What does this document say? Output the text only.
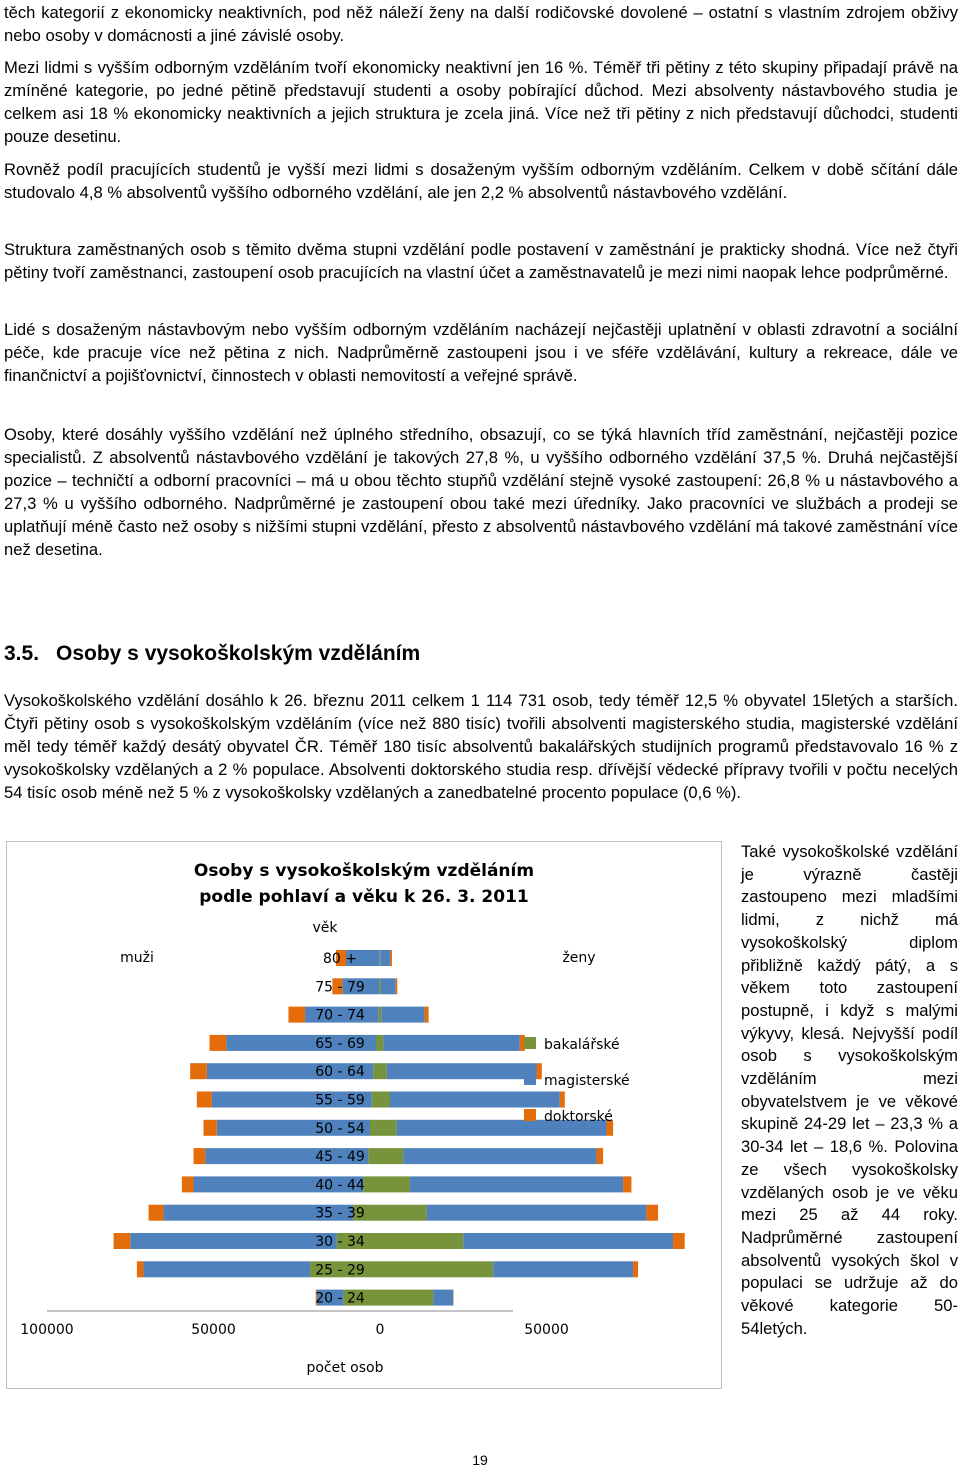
těch kategorií z ekonomicky neaktivních, pod něž náleží ženy na další rodičovské dovolené – ostatní s vlastním zdrojem obživy nebo osoby v domácnosti a jiné závislé osoby.

Mezi lidmi s vyšším odborným vzděláním tvoří ekonomicky neaktivní jen 16 %. Téměř tři pětiny z této skupiny připadají právě na zmíněné kategorie, po jedné pětině představují studenti a osoby pobírající důchod. Mezi absolventy nástavbového studia je celkem asi 18 % ekonomicky neaktivních a jejich struktura je zcela jiná. Více než tři pětiny z nich představují důchodci, studenti pouze desetinu.

Rovněž podíl pracujících studentů je vyšší mezi lidmi s dosaženým vyšším odborným vzděláním. Celkem v době sčítání dále studovalo 4,8 % absolventů vyššího odborného vzdělání, ale jen 2,2 % absolventů nástavbového vzdělání.

Struktura zaměstnaných osob s těmito dvěma stupni vzdělání podle postavení v zaměstnání je prakticky shodná. Více než čtyři pětiny tvoří zaměstnanci, zastoupení osob pracujících na vlastní účet a zaměstnavatelů je mezi nimi naopak lehce podprůměrné.

Lidé s dosaženým nástavbovým nebo vyšším odborným vzděláním nacházejí nejčastěji uplatnění v oblasti zdravotní a sociální péče, kde pracuje více než pětina z nich. Nadprůměrně zastoupeni jsou i ve sféře vzdělávání, kultury a rekreace, dále ve finančnictví a pojišťovnictví, činnostech v oblasti nemovitostí a veřejné správě.

Osoby, které dosáhly vyššího vzdělání než úplného středního, obsazují, co se týká hlavních tříd zaměstnání, nejčastěji pozice specialistů. Z absolventů nástavbového vzdělání je takových 27,8 %, u vyššího odborného vzdělání 37,5 %. Druhá nejčastější pozice – techničtí a odborní pracovníci – má u obou těchto stupňů vzdělání stejně vysoké zastoupení: 26,8 % u nástavbového a 27,3 % u vyššího odborného. Nadprůměrné je zastoupení obou také mezi úředníky. Jako pracovníci ve službách a prodeji se uplatňují méně často než osoby s nižšími stupni vzdělání, přesto z absolventů nástavbového vzdělání má takové zaměstnání více než desetina.

3.5. Osoby s vysokoškolským vzděláním

Vysokoškolského vzdělání dosáhlo k 26. březnu 2011 celkem 1 114 731 osob, tedy téměř 12,5 % obyvatel 15letých a starších. Čtyři pětiny osob s vysokoškolským vzděláním (více než 880 tisíc) tvořili absolventi magisterského studia, magisterské vzdělání měl tedy téměř každý desátý obyvatel ČR. Téměř 180 tisíc absolventů bakalářských studijních programů představovalo 16 % z vysokoškolsky vzdělaných a 2 % populace. Absolventi doktorského studia resp. dřívější vědecké přípravy tvořili v počtu necelých 54 tisíc osob méně než 5 % z vysokoškolsky vzdělaných a zanedbatelné procento populace (0,6 %).

Osoby s vysokoškolským vzděláním
podle pohlaví a věku k 26. 3. 2011
věk
muži	ženy
80 +
75 - 79
70 - 74
65 - 69
60 - 64
55 - 59
50 - 54
45 - 49
40 - 44
35 - 39
30 - 34
25 - 29
20 - 24
100000	50000	0	50000
počet osob
bakalářské
magisterské
doktorské

Také vysokoškolské vzdělání je výrazně častěji zastoupeno mezi mladšími lidmi, z nichž má vysokoškolský diplom přibližně každý pátý, a s věkem toto zastoupení postupně, i když s malými výkyvy, klesá. Nejvyšší podíl osob s vysokoškolským vzděláním mezi obyvatelstvem je ve věkové skupině 24-29 let – 23,3 % a 30-34 let – 18,6 %. Polovina ze všech vysokoškolsky vzdělaných osob je ve věku mezi 25 až 44 roky. Nadprůměrné zastoupení absolventů vysokých škol v populaci se udržuje až do věkové kategorie 50-54letých.

19
